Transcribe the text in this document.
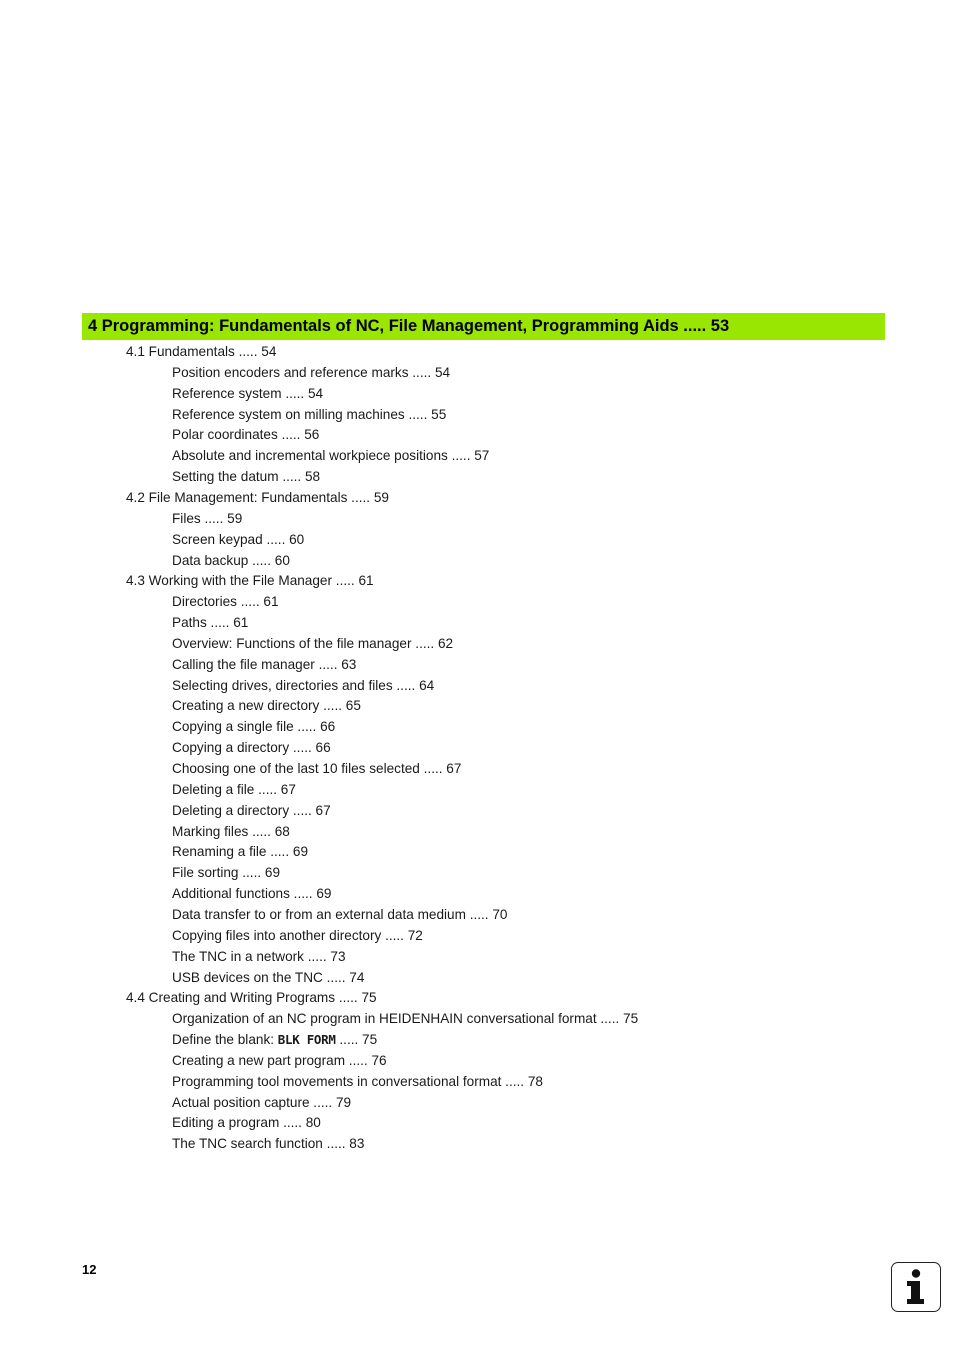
4 Programming: Fundamentals of NC, File Management, Programming Aids ..... 53
4.1 Fundamentals ..... 54
Position encoders and reference marks ..... 54
Reference system ..... 54
Reference system on milling machines ..... 55
Polar coordinates ..... 56
Absolute and incremental workpiece positions ..... 57
Setting the datum ..... 58
4.2 File Management: Fundamentals ..... 59
Files ..... 59
Screen keypad ..... 60
Data backup ..... 60
4.3 Working with the File Manager ..... 61
Directories ..... 61
Paths ..... 61
Overview: Functions of the file manager ..... 62
Calling the file manager ..... 63
Selecting drives, directories and files ..... 64
Creating a new directory ..... 65
Copying a single file ..... 66
Copying a directory ..... 66
Choosing one of the last 10 files selected ..... 67
Deleting a file ..... 67
Deleting a directory ..... 67
Marking files ..... 68
Renaming a file ..... 69
File sorting ..... 69
Additional functions ..... 69
Data transfer to or from an external data medium ..... 70
Copying files into another directory ..... 72
The TNC in a network ..... 73
USB devices on the TNC ..... 74
4.4 Creating and Writing Programs ..... 75
Organization of an NC program in HEIDENHAIN conversational format ..... 75
Define the blank: BLK FORM ..... 75
Creating a new part program ..... 76
Programming tool movements in conversational format ..... 78
Actual position capture ..... 79
Editing a program ..... 80
The TNC search function ..... 83
12
